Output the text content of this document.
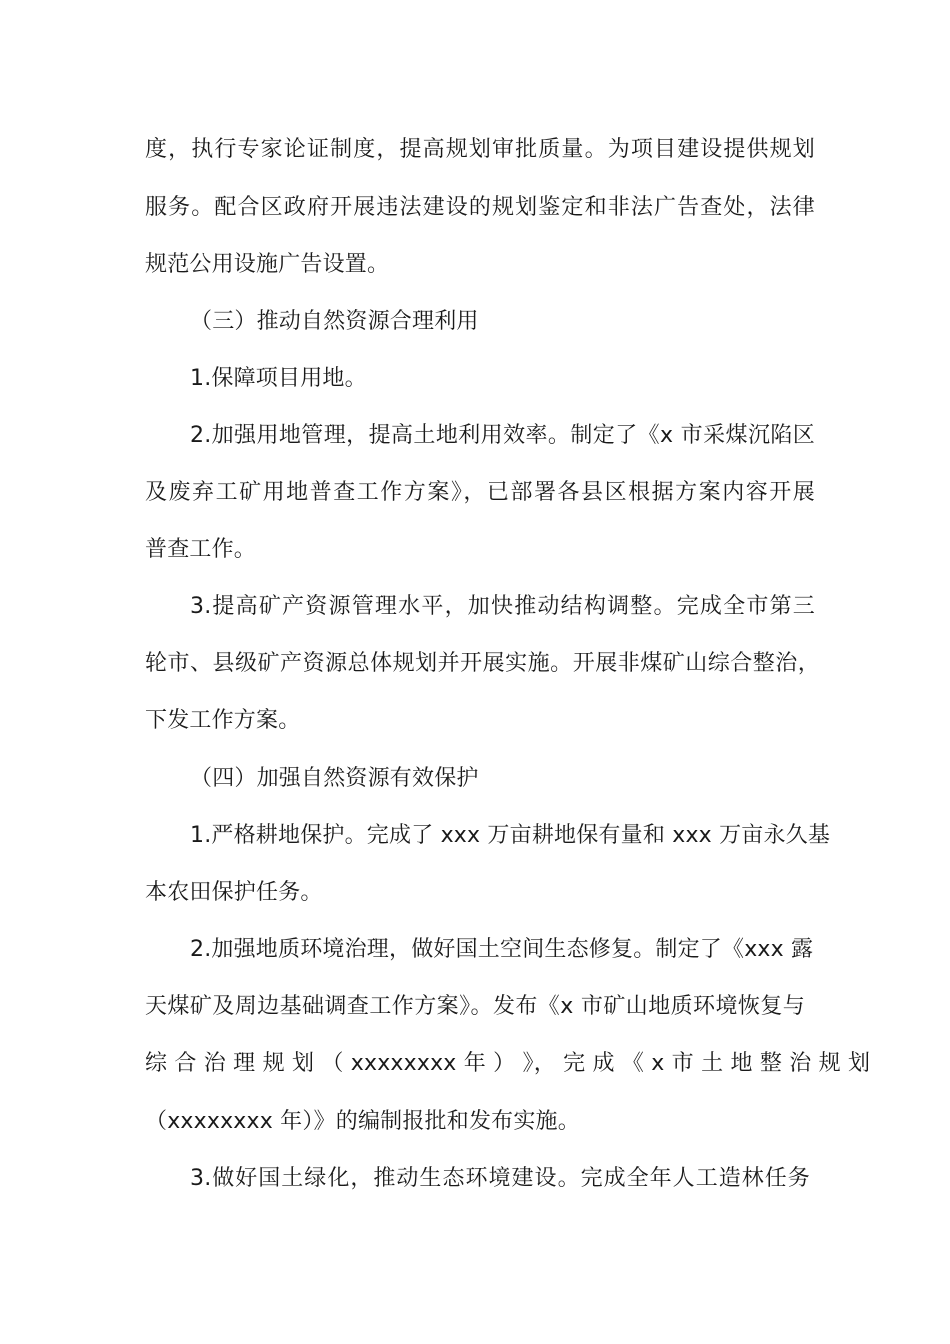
度，执行专家论证制度，提高规划审批质量。为项目建设提供规划
服务。配合区政府开展违法建设的规划鉴定和非法广告查处，法律
规范公用设施广告设置。
（三）推动自然资源合理利用
1.保障项目用地。
2.加强用地管理，提高土地利用效率。制定了《x 市采煤沉陷区
及废弃工矿用地普查工作方案》，已部署各县区根据方案内容开展
普查工作。
3.提高矿产资源管理水平，加快推动结构调整。完成全市第三
轮市、县级矿产资源总体规划并开展实施。开展非煤矿山综合整治，
下发工作方案。
（四）加强自然资源有效保护
1.严格耕地保护。完成了 xxx 万亩耕地保有量和 xxx 万亩永久基
本农田保护任务。
2.加强地质环境治理，做好国土空间生态修复。制定了《xxx 露
天煤矿及周边基础调查工作方案》。发布《x 市矿山地质环境恢复与
综 合 治 理 规 划 （ xxxxxxxx 年 ） 》， 完 成 《 x 市 土 地 整 治 规 划
（xxxxxxxx 年）》的编制报批和发布实施。
3.做好国土绿化，推动生态环境建设。完成全年人工造林任务
